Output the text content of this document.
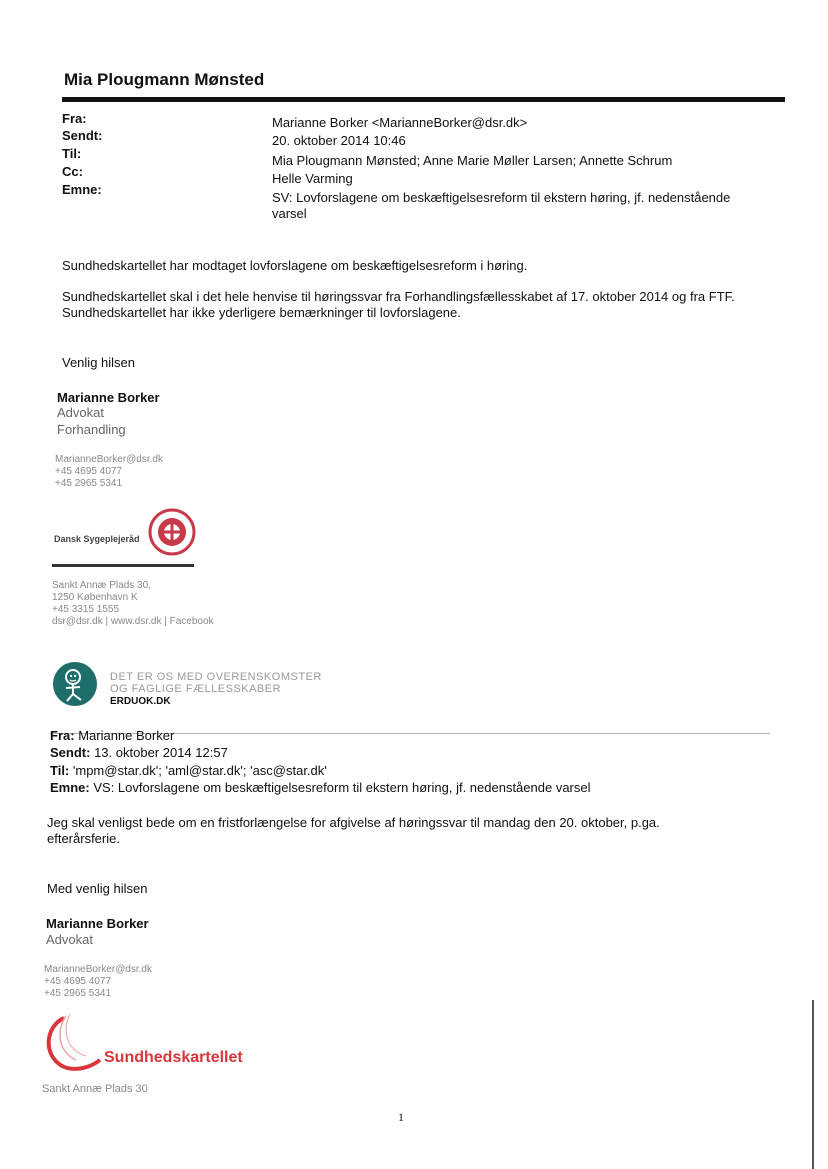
Mia Plougmann Mønsted
Fra:
Sendt:
Til:
Cc:
Emne:
Marianne Borker <MarianneBorker@dsr.dk>
20. oktober 2014 10:46
Mia Plougmann Mønsted; Anne Marie Møller Larsen; Annette Schrum
Helle Varming
SV: Lovforslagene om beskæftigelsesreform til ekstern høring, jf. nedenstående
varsel
Sundhedskartellet har modtaget lovforslagene om beskæftigelsesreform i høring.
Sundhedskartellet skal i det hele henvise til høringssvar fra Forhandlingsfællesskabet af 17. oktober 2014 og fra FTF.
Sundhedskartellet har ikke yderligere bemærkninger til lovforslagene.
Venlig hilsen
Marianne Borker
Advokat
Forhandling
MarianneBorker@dsr.dk
+45 4695 4077
+45 2965 5341
Dansk Sygeplejeråd
Sankt Annæ Plads 30,
1250 København K
+45 3315 1555
dsr@dsr.dk | www.dsr.dk | Facebook
DET ER OS MED OVERENSKOMSTER
OG FAGLIGE FÆLLESSKABER
ERDUOK.DK
Fra: Marianne Borker
Sendt: 13. oktober 2014 12:57
Til: 'mpm@star.dk'; 'aml@star.dk'; 'asc@star.dk'
Emne: VS: Lovforslagene om beskæftigelsesreform til ekstern høring, jf. nedenstående varsel
Jeg skal venligst bede om en fristforlængelse for afgivelse af høringssvar til mandag den 20. oktober, p.ga.
efterårsferie.
Med venlig hilsen
Marianne Borker
Advokat
MarianneBorker@dsr.dk
+45 4695 4077
+45 2965 5341
Sundhedskartellet
Sankt Annæ Plads 30
1
